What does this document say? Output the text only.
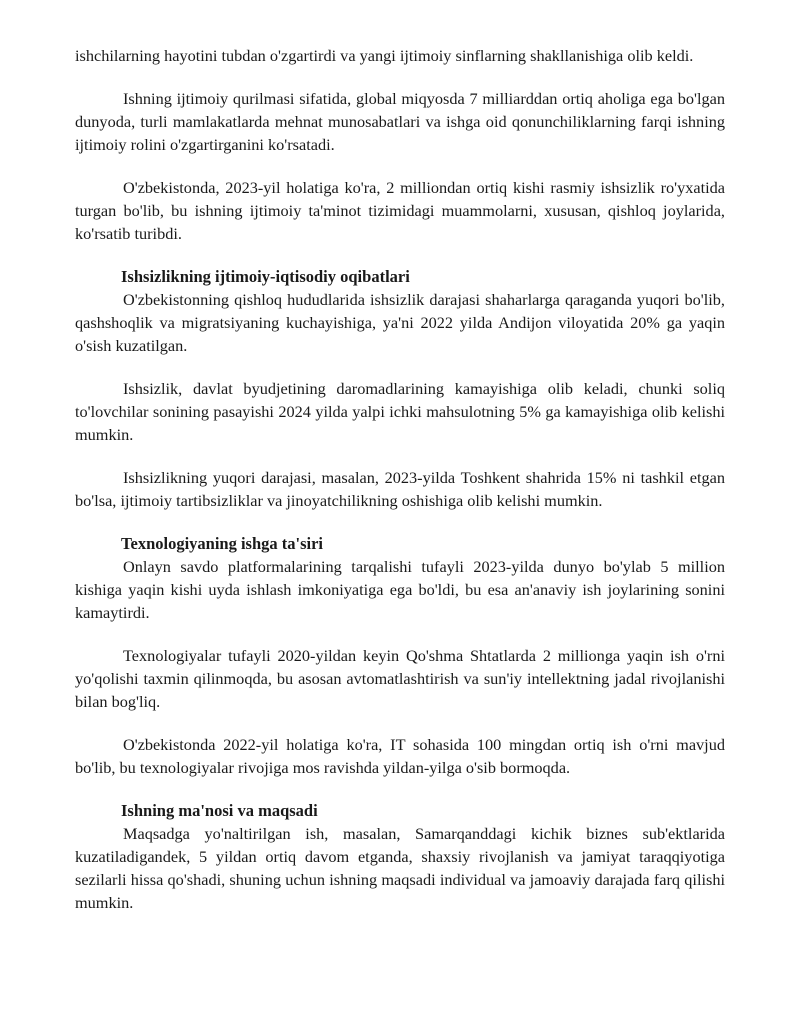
ishchilarning hayotini tubdan o'zgartirdi va yangi ijtimoiy sinflarning shakllanishiga olib keldi.

Ishning ijtimoiy qurilmasi sifatida, global miqyosda 7 milliarddan ortiq aholiga ega bo'lgan dunyoda, turli mamlakatlarda mehnat munosabatlari va ishga oid qonunchiliklarning farqi ishning ijtimoiy rolini o'zgartirganini ko'rsatadi.

O'zbekistonda, 2023-yil holatiga ko'ra, 2 milliondan ortiq kishi rasmiy ishsizlik ro'yxatida turgan bo'lib, bu ishning ijtimoiy ta'minot tizimidagi muammolarni, xususan, qishloq joylarida, ko'rsatib turibdi.

Ishsizlikning ijtimoiy-iqtisodiy oqibatlari

O'zbekistonning qishloq hududlarida ishsizlik darajasi shaharlarga qaraganda yuqori bo'lib, qashshoqlik va migratsiyaning kuchayishiga, ya'ni 2022 yilda Andijon viloyatida 20% ga yaqin o'sish kuzatilgan.

Ishsizlik, davlat byudjetining daromadlarining kamayishiga olib keladi, chunki soliq to'lovchilar sonining pasayishi 2024 yilda yalpi ichki mahsulotning 5% ga kamayishiga olib kelishi mumkin.

Ishsizlikning yuqori darajasi, masalan, 2023-yilda Toshkent shahrida 15% ni tashkil etgan bo'lsa, ijtimoiy tartibsizliklar va jinoyatchilikning oshishiga olib kelishi mumkin.

Texnologiyaning ishga ta'siri

Onlayn savdo platformalarining tarqalishi tufayli 2023-yilda dunyo bo'ylab 5 million kishiga yaqin kishi uyda ishlash imkoniyatiga ega bo'ldi, bu esa an'anaviy ish joylarining sonini kamaytirdi.

Texnologiyalar tufayli 2020-yildan keyin Qo'shma Shtatlarda 2 millionga yaqin ish o'rni yo'qolishi taxmin qilinmoqda, bu asosan avtomatlashtirish va sun'iy intellektning jadal rivojlanishi bilan bog'liq.

O'zbekistonda 2022-yil holatiga ko'ra, IT sohasida 100 mingdan ortiq ish o'rni mavjud bo'lib, bu texnologiyalar rivojiga mos ravishda yildan-yilga o'sib bormoqda.

Ishning ma'nosi va maqsadi

Maqsadga yo'naltirilgan ish, masalan, Samarqanddagi kichik biznes sub'ektlarida kuzatiladigandek, 5 yildan ortiq davom etganda, shaxsiy rivojlanish va jamiyat taraqqiyotiga sezilarli hissa qo'shadi, shuning uchun ishning maqsadi individual va jamoaviy darajada farq qilishi mumkin.
